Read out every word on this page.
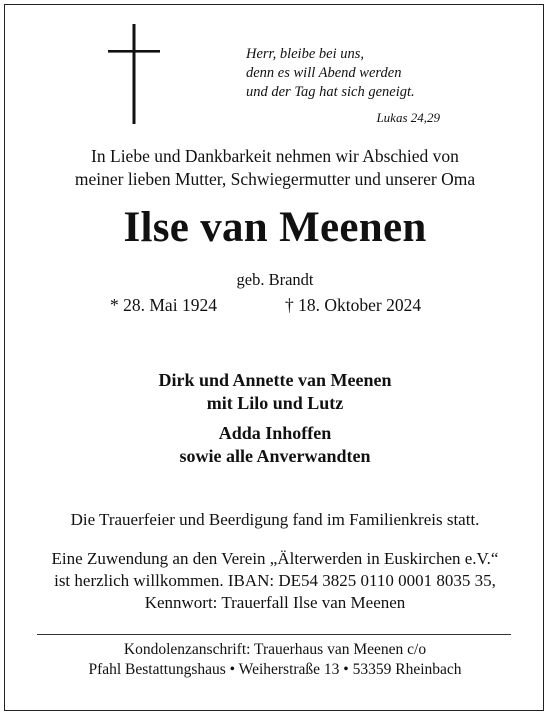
Herr, bleibe bei uns,
denn es will Abend werden
und der Tag hat sich geneigt.
Lukas 24,29
In Liebe und Dankbarkeit nehmen wir Abschied von
meiner lieben Mutter, Schwiegermutter und unserer Oma
Ilse van Meenen
geb. Brandt
* 28. Mai 1924	† 18. Oktober 2024
Dirk und Annette van Meenen
mit Lilo und Lutz
Adda Inhoffen
sowie alle Anverwandten
Die Trauerfeier und Beerdigung fand im Familienkreis statt.
Eine Zuwendung an den Verein „Älterwerden in Euskirchen e.V.“
ist herzlich willkommen. IBAN: DE54 3825 0110 0001 8035 35,
Kennwort: Trauerfall Ilse van Meenen
Kondolenzanschrift: Trauerhaus van Meenen c/o
Pfahl Bestattungshaus • Weiherstraße 13 • 53359 Rheinbach
